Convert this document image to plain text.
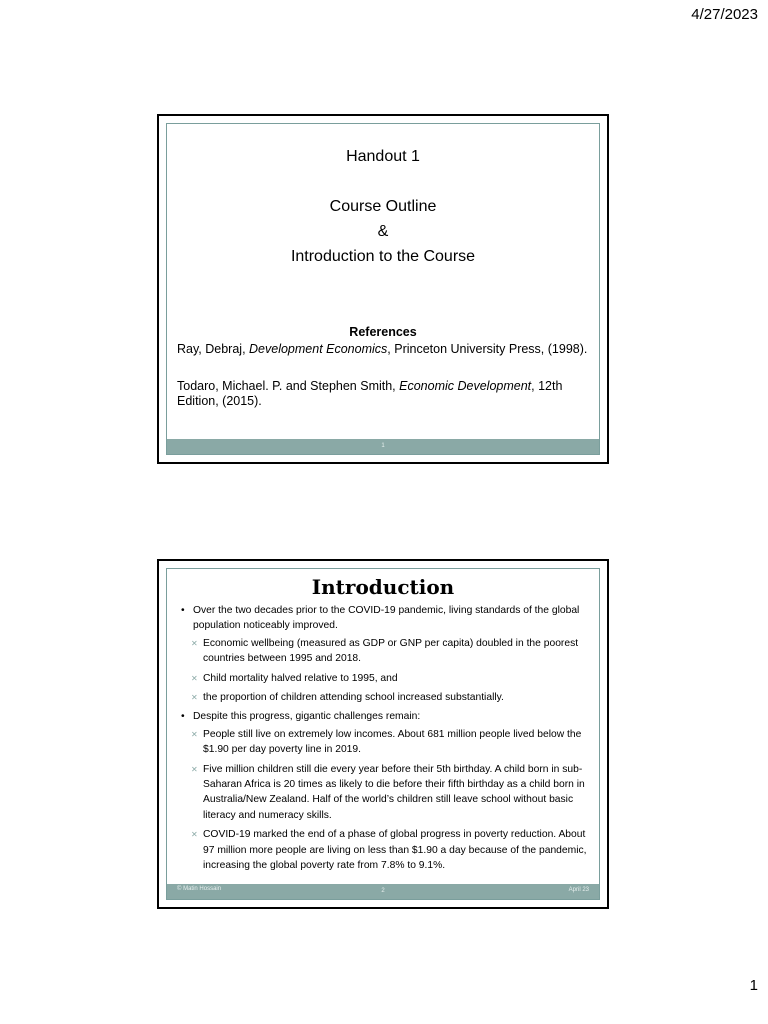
4/27/2023
Handout 1
Course Outline
&
Introduction to the Course
References
Ray, Debraj, Development Economics, Princeton University Press, (1998).
Todaro, Michael. P. and Stephen Smith, Economic Development, 12th Edition, (2015).
1
Introduction
• Over the two decades prior to the COVID-19 pandemic, living standards of the global population noticeably improved.
✕ Economic wellbeing (measured as GDP or GNP per capita) doubled in the poorest countries between 1995 and 2018.
✕ Child mortality halved relative to 1995, and
✕ the proportion of children attending school increased substantially.
• Despite this progress, gigantic challenges remain:
✕ People still live on extremely low incomes. About 681 million people lived below the $1.90 per day poverty line in 2019.
✕ Five million children still die every year before their 5th birthday. A child born in sub-Saharan Africa is 20 times as likely to die before their fifth birthday as a child born in Australia/New Zealand. Half of the world’s children still leave school without basic literacy and numeracy skills.
✕ COVID-19 marked the end of a phase of global progress in poverty reduction. About 97 million more people are living on less than $1.90 a day because of the pandemic, increasing the global poverty rate from 7.8% to 9.1%.
© Matin Hossain	2	April 23
1
